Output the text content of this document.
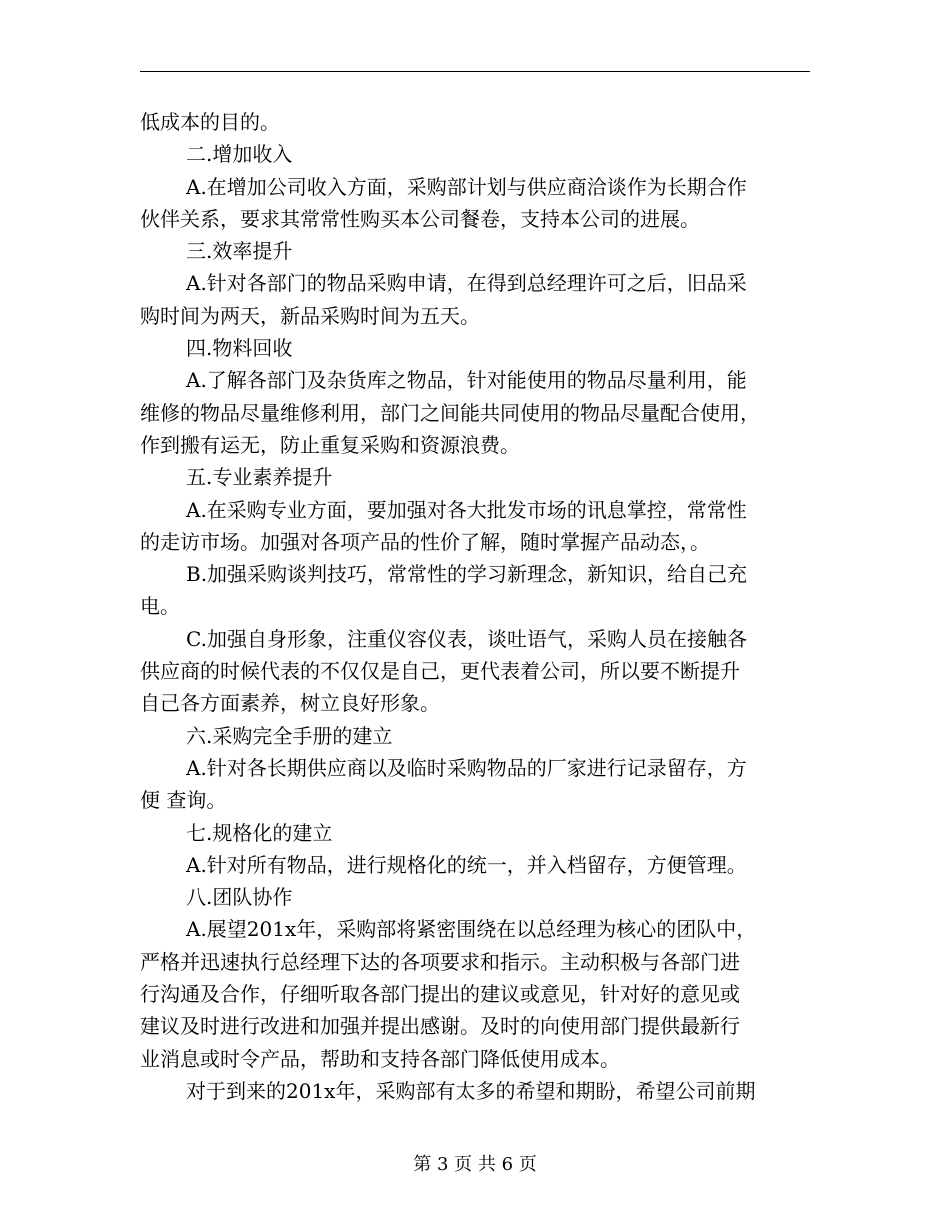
低成本的目的。
二.增加收入
A.在增加公司收入方面，采购部计划与供应商洽谈作为长期合作
伙伴关系，要求其常常性购买本公司餐卷，支持本公司的进展。
三.效率提升
A.针对各部门的物品采购申请，在得到总经理许可之后，旧品采
购时间为两天，新品采购时间为五天。
四.物料回收
A.了解各部门及杂货库之物品，针对能使用的物品尽量利用，能
维修的物品尽量维修利用，部门之间能共同使用的物品尽量配合使用，
作到搬有运无，防止重复采购和资源浪费。
五.专业素养提升
A.在采购专业方面，要加强对各大批发市场的讯息掌控，常常性
的走访市场。加强对各项产品的性价了解，随时掌握产品动态，。
B.加强采购谈判技巧，常常性的学习新理念，新知识，给自己充
电。
C.加强自身形象，注重仪容仪表，谈吐语气，采购人员在接触各
供应商的时候代表的不仅仅是自己，更代表着公司，所以要不断提升
自己各方面素养，树立良好形象。
六.采购完全手册的建立
A.针对各长期供应商以及临时采购物品的厂家进行记录留存，方
便 查询。
七.规格化的建立
A.针对所有物品，进行规格化的统一，并入档留存，方便管理。
八.团队协作
A.展望201x年，采购部将紧密围绕在以总经理为核心的团队中，
严格并迅速执行总经理下达的各项要求和指示。主动积极与各部门进
行沟通及合作，仔细听取各部门提出的建议或意见，针对好的意见或
建议及时进行改进和加强并提出感谢。及时的向使用部门提供最新行
业消息或时令产品，帮助和支持各部门降低使用成本。
对于到来的201x年，采购部有太多的希望和期盼，希望公司前期
第 3 页 共 6 页
